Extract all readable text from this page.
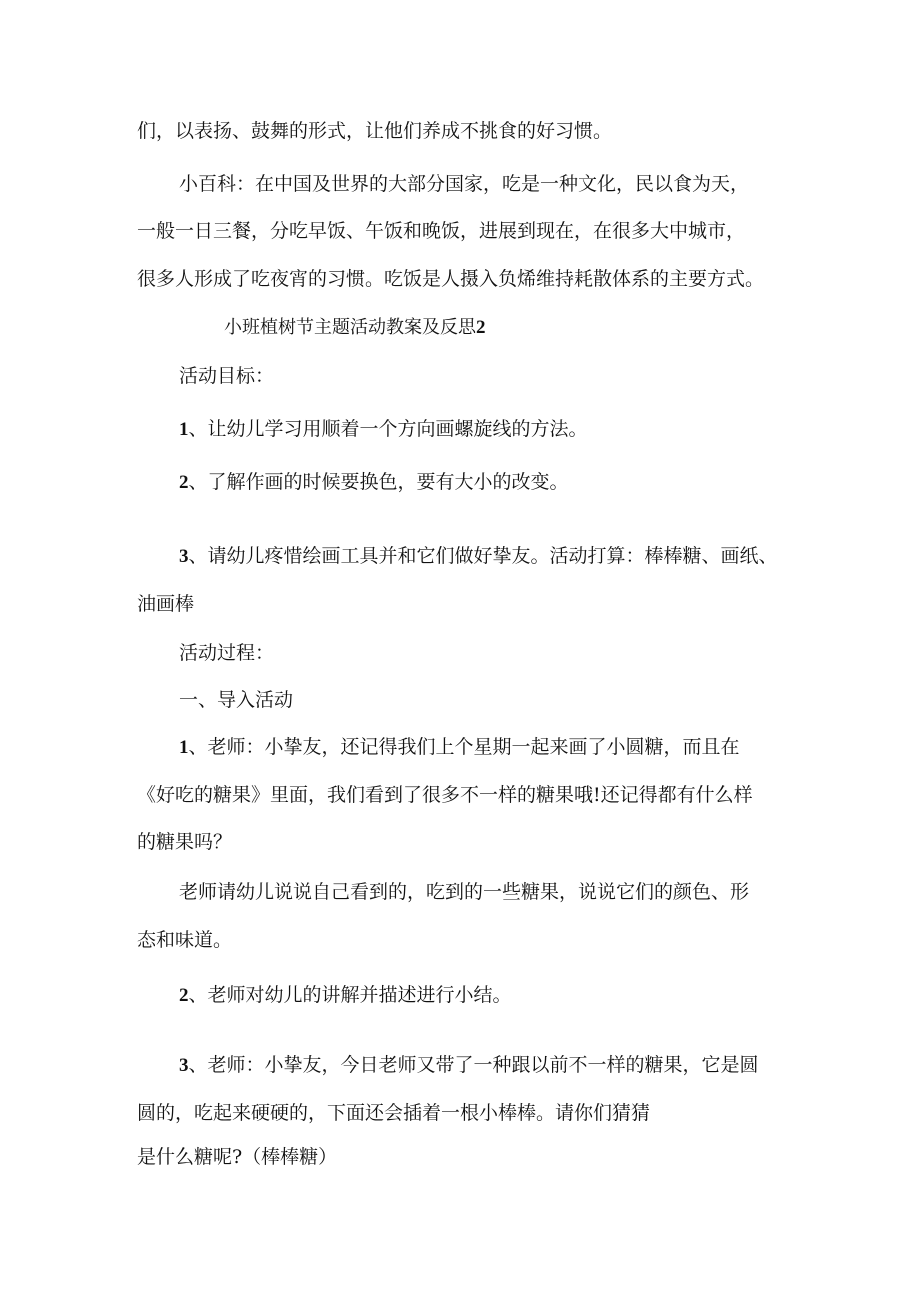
们，以表扬、鼓舞的形式，让他们养成不挑食的好习惯。

小百科：在中国及世界的大部分国家，吃是一种文化，民以食为天，

一般一日三餐，分吃早饭、午饭和晚饭，进展到现在，在很多大中城市，

很多人形成了吃夜宵的习惯。吃饭是人摄入负烯维持耗散体系的主要方式。

小班植树节主题活动教案及反思2

活动目标：

1、让幼儿学习用顺着一个方向画螺旋线的方法。

2、了解作画的时候要换色，要有大小的改变。

3、请幼儿疼惜绘画工具并和它们做好挚友。活动打算：棒棒糖、画纸、

油画棒

活动过程：

一、导入活动

1、老师：小挚友，还记得我们上个星期一起来画了小圆糖，而且在

《好吃的糖果》里面，我们看到了很多不一样的糖果哦!还记得都有什么样

的糖果吗？

老师请幼儿说说自己看到的，吃到的一些糖果，说说它们的颜色、形

态和味道。

2、老师对幼儿的讲解并描述进行小结。

3、老师：小挚友，今日老师又带了一种跟以前不一样的糖果，它是圆

圆的，吃起来硬硬的，下面还会插着一根小棒棒。请你们猜猜

是什么糖呢?（棒棒糖）
